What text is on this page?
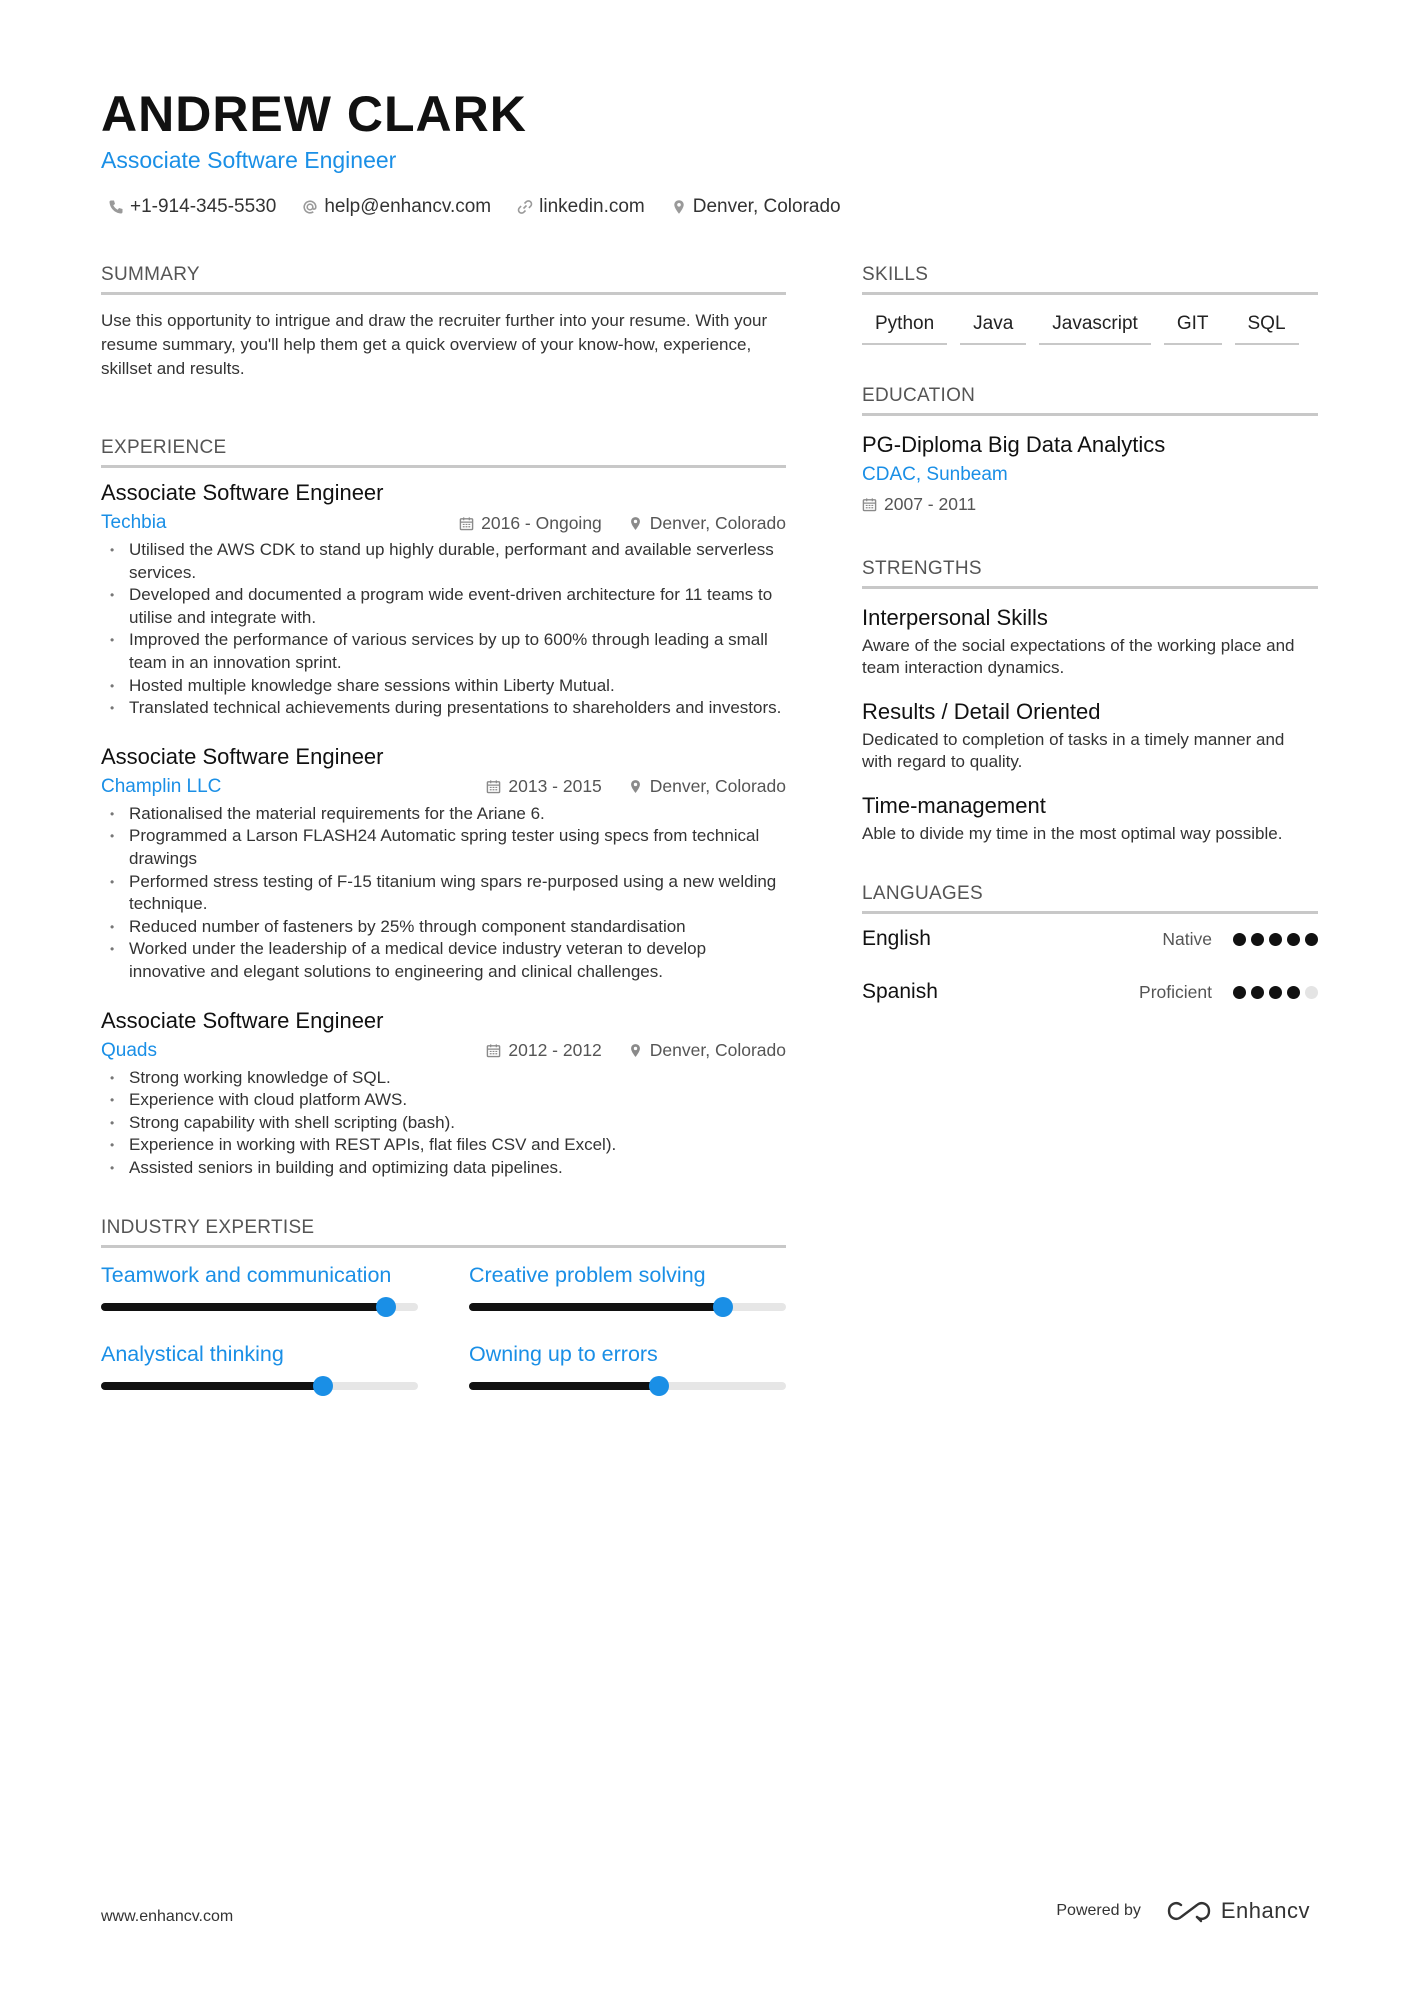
ANDREW CLARK
Associate Software Engineer
+1-914-345-5530	help@enhancv.com	linkedin.com	Denver, Colorado
SUMMARY
Use this opportunity to intrigue and draw the recruiter further into your resume. With your resume summary, you'll help them get a quick overview of your know-how, experience, skillset and results.
EXPERIENCE
Associate Software Engineer
Techbia	2016 - Ongoing	Denver, Colorado
• Utilised the AWS CDK to stand up highly durable, performant and available serverless services.
• Developed and documented a program wide event-driven architecture for 11 teams to utilise and integrate with.
• Improved the performance of various services by up to 600% through leading a small team in an innovation sprint.
• Hosted multiple knowledge share sessions within Liberty Mutual.
• Translated technical achievements during presentations to shareholders and investors.
Associate Software Engineer
Champlin LLC	2013 - 2015	Denver, Colorado
• Rationalised the material requirements for the Ariane 6.
• Programmed a Larson FLASH24 Automatic spring tester using specs from technical drawings
• Performed stress testing of F-15 titanium wing spars re-purposed using a new welding technique.
• Reduced number of fasteners by 25% through component standardisation
• Worked under the leadership of a medical device industry veteran to develop innovative and elegant solutions to engineering and clinical challenges.
Associate Software Engineer
Quads	2012 - 2012	Denver, Colorado
• Strong working knowledge of SQL.
• Experience with cloud platform AWS.
• Strong capability with shell scripting (bash).
• Experience in working with REST APIs, flat files CSV and Excel).
• Assisted seniors in building and optimizing data pipelines.
INDUSTRY EXPERTISE
Teamwork and communication	Creative problem solving
Analystical thinking	Owning up to errors
SKILLS
Python	Java	Javascript	GIT	SQL
EDUCATION
PG-Diploma Big Data Analytics
CDAC, Sunbeam
2007 - 2011
STRENGTHS
Interpersonal Skills
Aware of the social expectations of the working place and team interaction dynamics.
Results / Detail Oriented
Dedicated to completion of tasks in a timely manner and with regard to quality.
Time-management
Able to divide my time in the most optimal way possible.
LANGUAGES
English	Native
Spanish	Proficient
www.enhancv.com	Powered by	Enhancv
